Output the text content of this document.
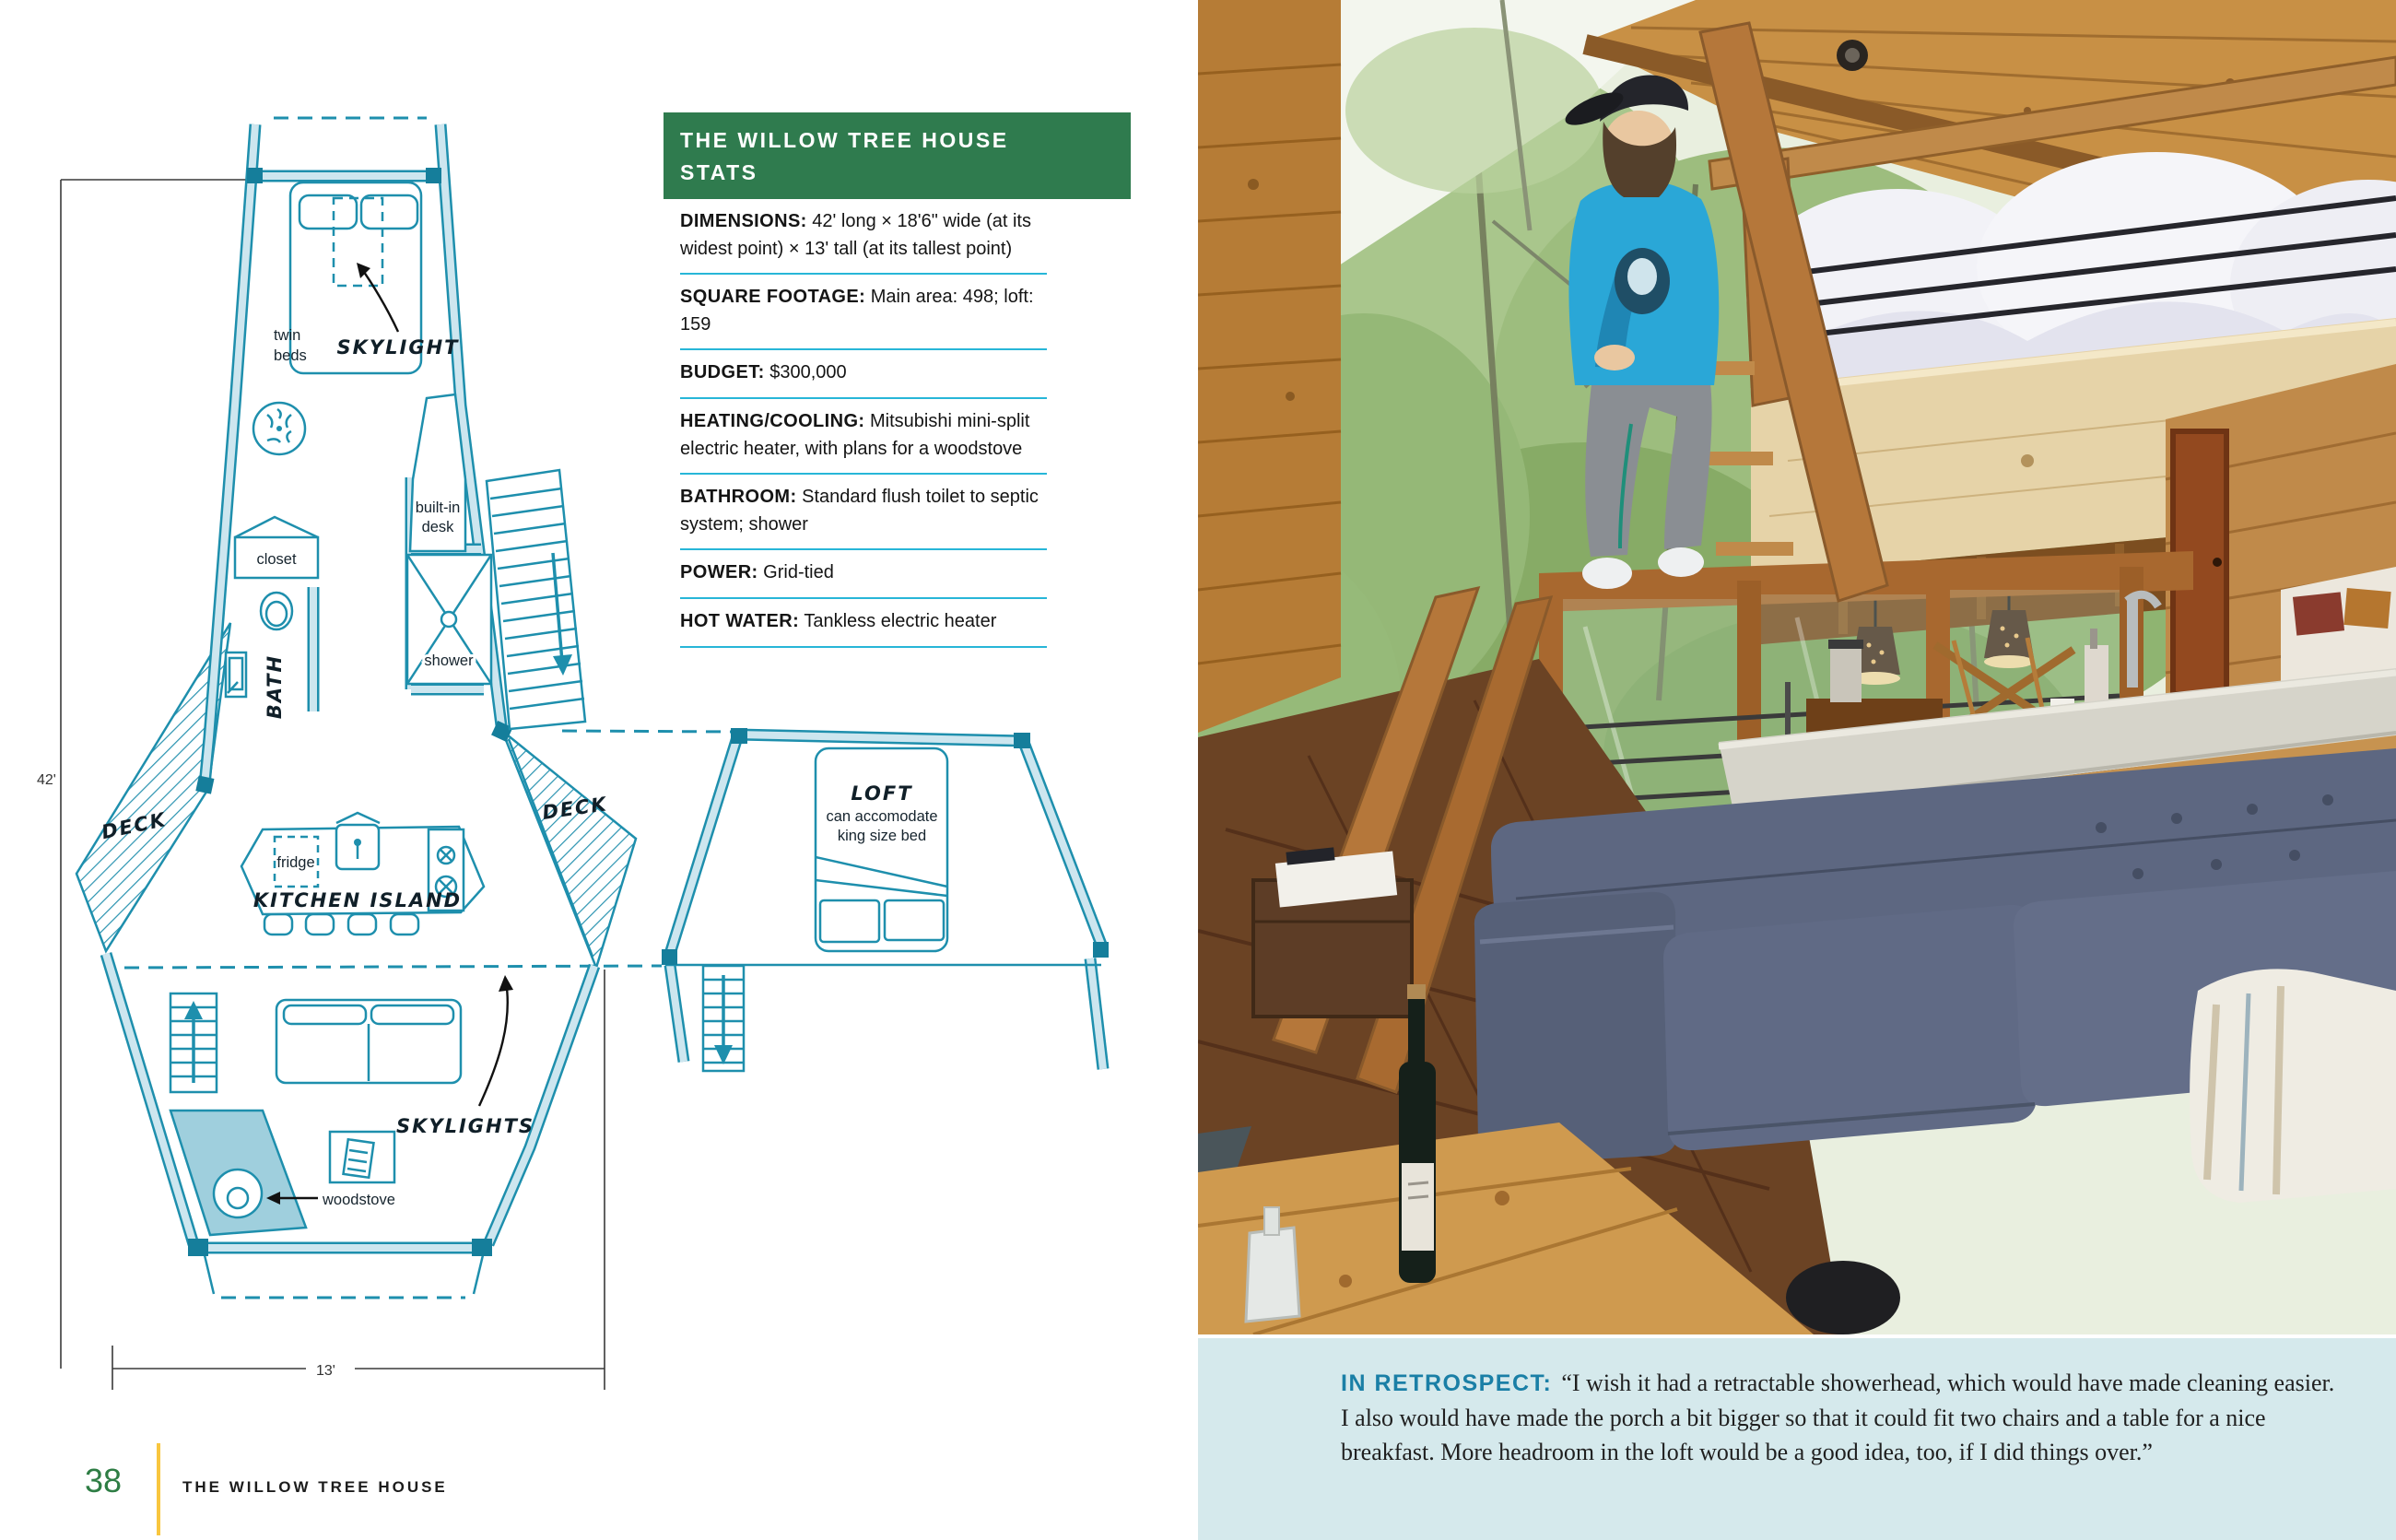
42'
13'
DECK	DECK
twin
beds SKYLIGHT
closet
BATH
built-in
desk
shower
fridge
KITCHEN ISLAND
woodstove
SKYLIGHTS
LOFT
can accomodate
king size bed
THE WILLOW TREE HOUSE
STATS
DIMENSIONS: 42' long × 18'6" wide (at its widest point) × 13' tall (at its tallest point)
SQUARE FOOTAGE: Main area: 498; loft: 159
BUDGET: $300,000
HEATING/COOLING: Mitsubishi mini-split electric heater, with plans for a woodstove
BATHROOM: Standard flush toilet to septic system; shower
POWER: Grid-tied
HOT WATER: Tankless electric heater
38	THE WILLOW TREE HOUSE

IN RETROSPECT: “I wish it had a retractable showerhead, which would have made cleaning easier. I also would have made the porch a bit bigger so that it could fit two chairs and a table for a nice breakfast. More headroom in the loft would be a good idea, too, if I did things over.”
